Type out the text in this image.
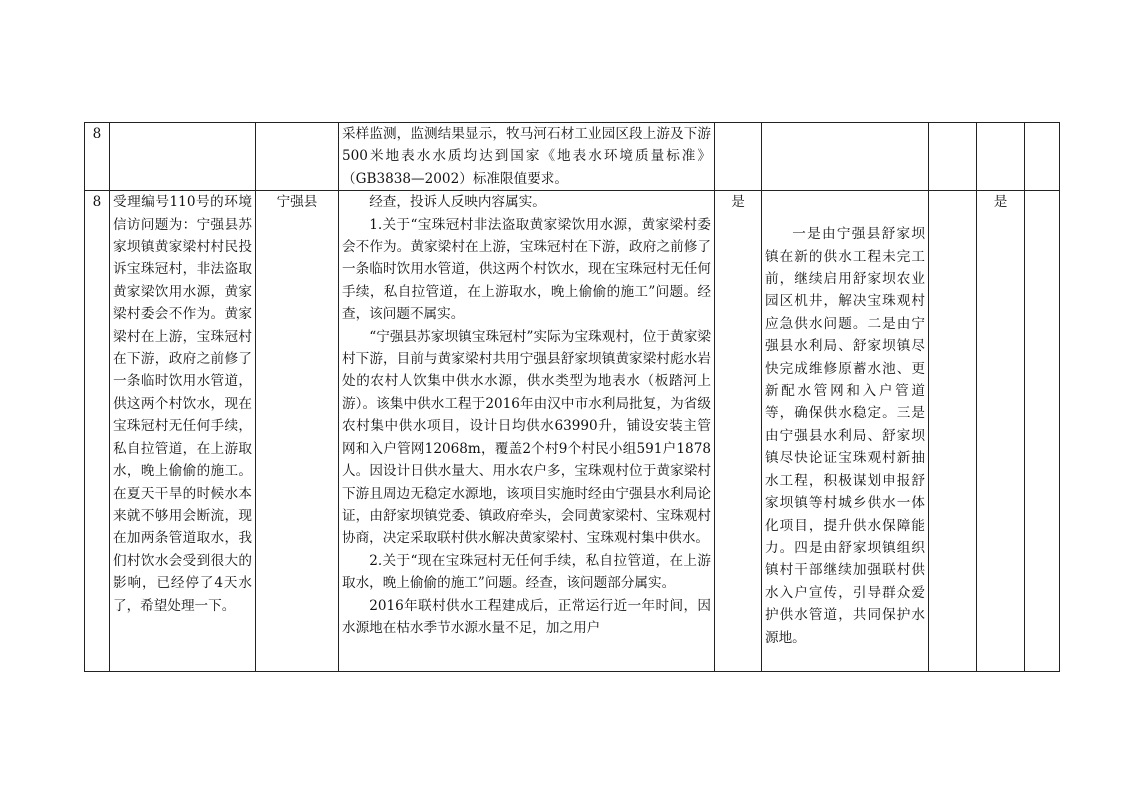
8			采样监测，监测结果显示，牧马河石材工业园区段上游及下游500米地表水水质均达到国家《地表水环境质量标准》（GB3838—2002）标准限值要求。					

8	受理编号110号的环境信访问题为：宁强县苏家坝镇黄家梁村村民投诉宝珠冠村，非法盗取黄家梁饮用水源，黄家梁村委会不作为。黄家梁村在上游，宝珠冠村在下游，政府之前修了一条临时饮用水管道，供这两个村饮水，现在宝珠冠村无任何手续，私自拉管道，在上游取水，晚上偷偷的施工。在夏天干旱的时候水本来就不够用会断流，现在加两条管道取水，我们村饮水会受到很大的影响，已经停了4天水了，希望处理一下。	宁强县	经查，投诉人反映内容属实。
1.关于“宝珠冠村非法盗取黄家梁饮用水源，黄家梁村委会不作为。黄家梁村在上游，宝珠冠村在下游，政府之前修了一条临时饮用水管道，供这两个村饮水，现在宝珠冠村无任何手续，私自拉管道，在上游取水，晚上偷偷的施工”问题。经查，该问题不属实。
“宁强县苏家坝镇宝珠冠村”实际为宝珠观村，位于黄家梁村下游，目前与黄家梁村共用宁强县舒家坝镇黄家梁村彪水岩处的农村人饮集中供水水源，供水类型为地表水（板踏河上游）。该集中供水工程于2016年由汉中市水利局批复，为省级农村集中供水项目，设计日均供水63990升，铺设安装主管网和入户管网12068m，覆盖2个村9个村民小组591户1878人。因设计日供水量大、用水农户多，宝珠观村位于黄家梁村下游且周边无稳定水源地，该项目实施时经由宁强县水利局论证，由舒家坝镇党委、镇政府牵头，会同黄家梁村、宝珠观村协商，决定采取联村供水解决黄家梁村、宝珠观村集中供水。
2.关于“现在宝珠冠村无任何手续，私自拉管道，在上游取水，晚上偷偷的施工”问题。经查，该问题部分属实。
2016年联村供水工程建成后，正常运行近一年时间，因水源地在枯水季节水源水量不足，加之用户	是	一是由宁强县舒家坝镇在新的供水工程未完工前，继续启用舒家坝农业园区机井，解决宝珠观村应急供水问题。二是由宁强县水利局、舒家坝镇尽快完成维修原蓄水池、更新配水管网和入户管道等，确保供水稳定。三是由宁强县水利局、舒家坝镇尽快论证宝珠观村新抽水工程，积极谋划申报舒家坝镇等村城乡供水一体化项目，提升供水保障能力。四是由舒家坝镇组织镇村干部继续加强联村供水入户宣传，引导群众爱护供水管道，共同保护水源地。		是	
